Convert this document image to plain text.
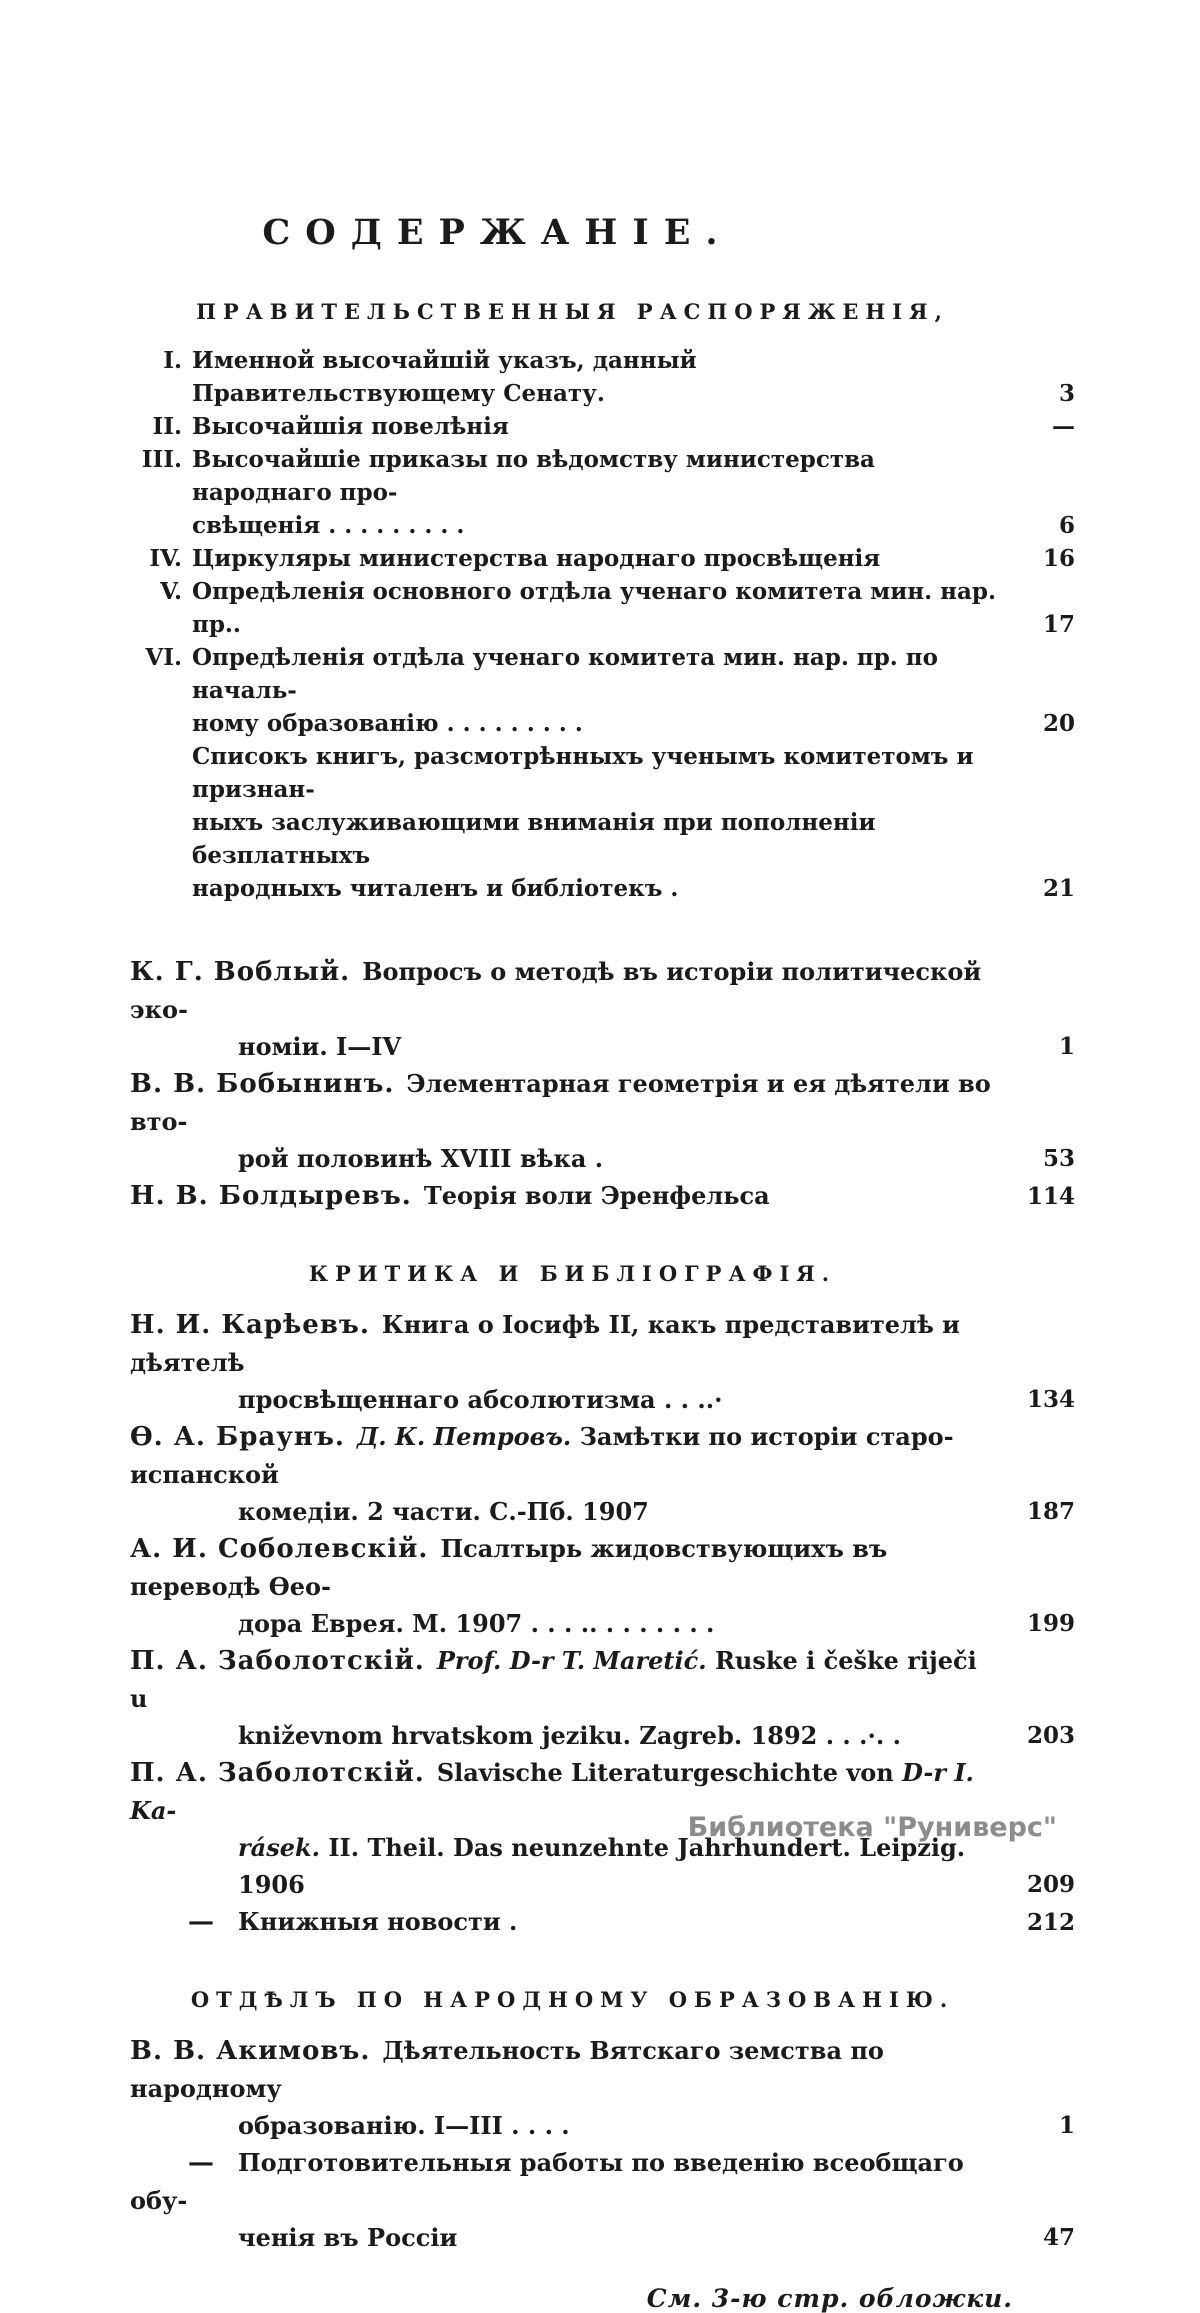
СОДЕРЖАНІЕ.
ПРАВИТЕЛЬСТВЕННЫЯ РАСПОРЯЖЕНІЯ,
I. Именной высочайшій указъ, данный Правительствующему Сенату.	3
II. Высочайшія повелѣнія	—
III. Высочайшіе приказы по вѣдомству министерства народнаго про-
свѣщенія . . . . . . . . .	6
IV. Циркуляры министерства народнаго просвѣщенія	16
V. Опредѣленія основного отдѣла ученаго комитета мин. нар. пр..	17
VI. Опредѣленія отдѣла ученаго комитета мин. нар. пр. по началь-
ному образованію . . . . . . . . .	20
Списокъ книгъ, разсмотрѣнныхъ ученымъ комитетомъ и признан-
ныхъ заслуживающими вниманія при пополненіи безплатныхъ
народныхъ читаленъ и библіотекъ .	21
К. Г. Воблый. Вопросъ о методѣ въ исторіи политической эко-
номіи. I—IV	1
В. В. Бобынинъ. Элементарная геометрія и ея дѣятели во вто-
рой половинѣ XVIII вѣка .	53
Н. В. Болдыревъ. Теорія воли Эренфельса	114
КРИТИКА И БИБЛІОГРАФІЯ.
Н. И. Карѣевъ. Книга о Іосифѣ II, какъ представителѣ и дѣятелѣ
просвѣщеннаго абсолютизма . . ..·	134
Ѳ. А. Браунъ. Д. К. Петровъ. Замѣтки по исторіи старо-испанской
комедіи. 2 части. С.-Пб. 1907	187
А. И. Соболевскій. Псалтырь жидовствующихъ въ переводѣ Ѳео-
дора Еврея. М. 1907 . . . .. . . . . . . .	199
П. А. Заболотскій. Prof. D-r T. Maretić. Ruske i češke riječi u
kniževnom hrvatskom jeziku. Zagreb. 1892 . . .·. .	203
П. А. Заболотскій. Slavische Literaturgeschichte von D-r I. Ka-
rásek. II. Theil. Das neunzehnte Jahrhundert. Leipzig. 1906	209
— Книжныя новости .	212
ОТДѢЛЪ ПО НАРОДНОМУ ОБРАЗОВАНІЮ.
В. В. Акимовъ. Дѣятельность Вятскаго земства по народному
образованію. I—III . . . .	1
— Подготовительныя работы по введенію всеобщаго обу-
ченія въ Россіи	47
См. 3-ю стр. обложки.
Библиотека "Руниверс"
